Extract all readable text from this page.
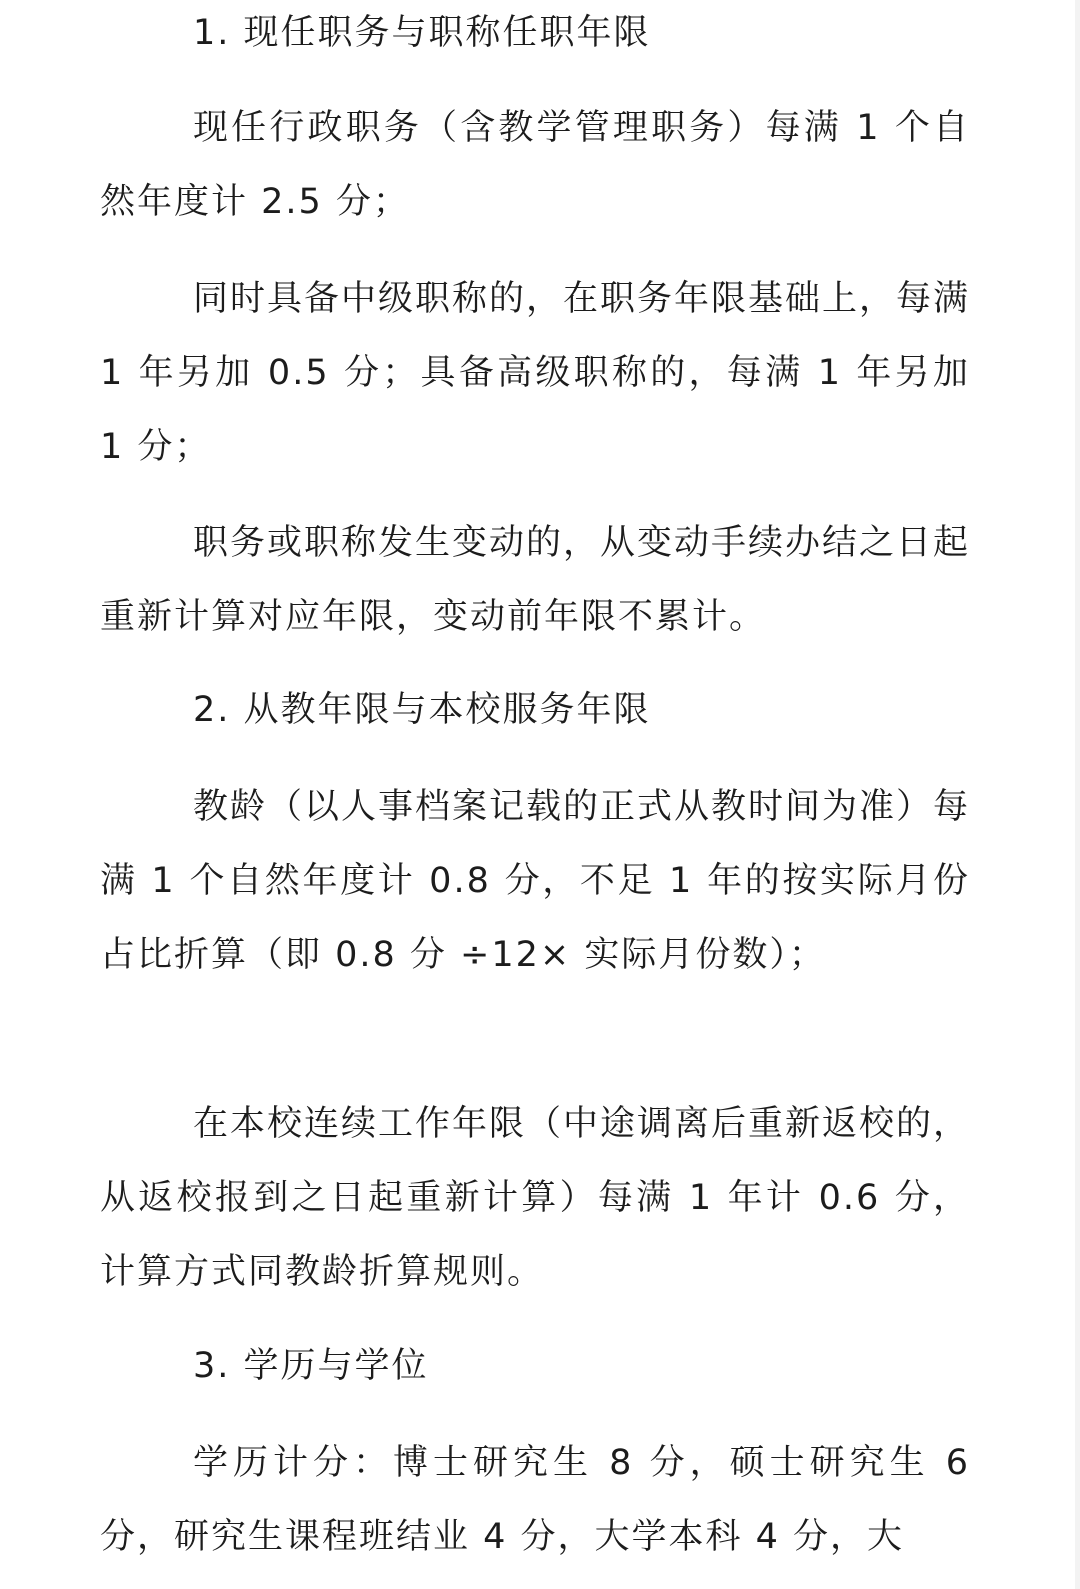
1. 现任职务与职称任职年限

现任行政职务（含教学管理职务）每满 1 个自然年度计 2.5 分；

同时具备中级职称的，在职务年限基础上，每满 1 年另加 0.5 分；具备高级职称的，每满 1 年另加 1 分；

职务或职称发生变动的，从变动手续办结之日起重新计算对应年限，变动前年限不累计。

2. 从教年限与本校服务年限

教龄（以人事档案记载的正式从教时间为准）每满 1 个自然年度计 0.8 分，不足 1 年的按实际月份占比折算（即 0.8 分 ÷12× 实际月份数）；

在本校连续工作年限（中途调离后重新返校的，从返校报到之日起重新计算）每满 1 年计 0.6 分，计算方式同教龄折算规则。

3. 学历与学位

学历计分：博士研究生 8 分，硕士研究生 6 分，研究生课程班结业 4 分，大学本科 4 分，大
